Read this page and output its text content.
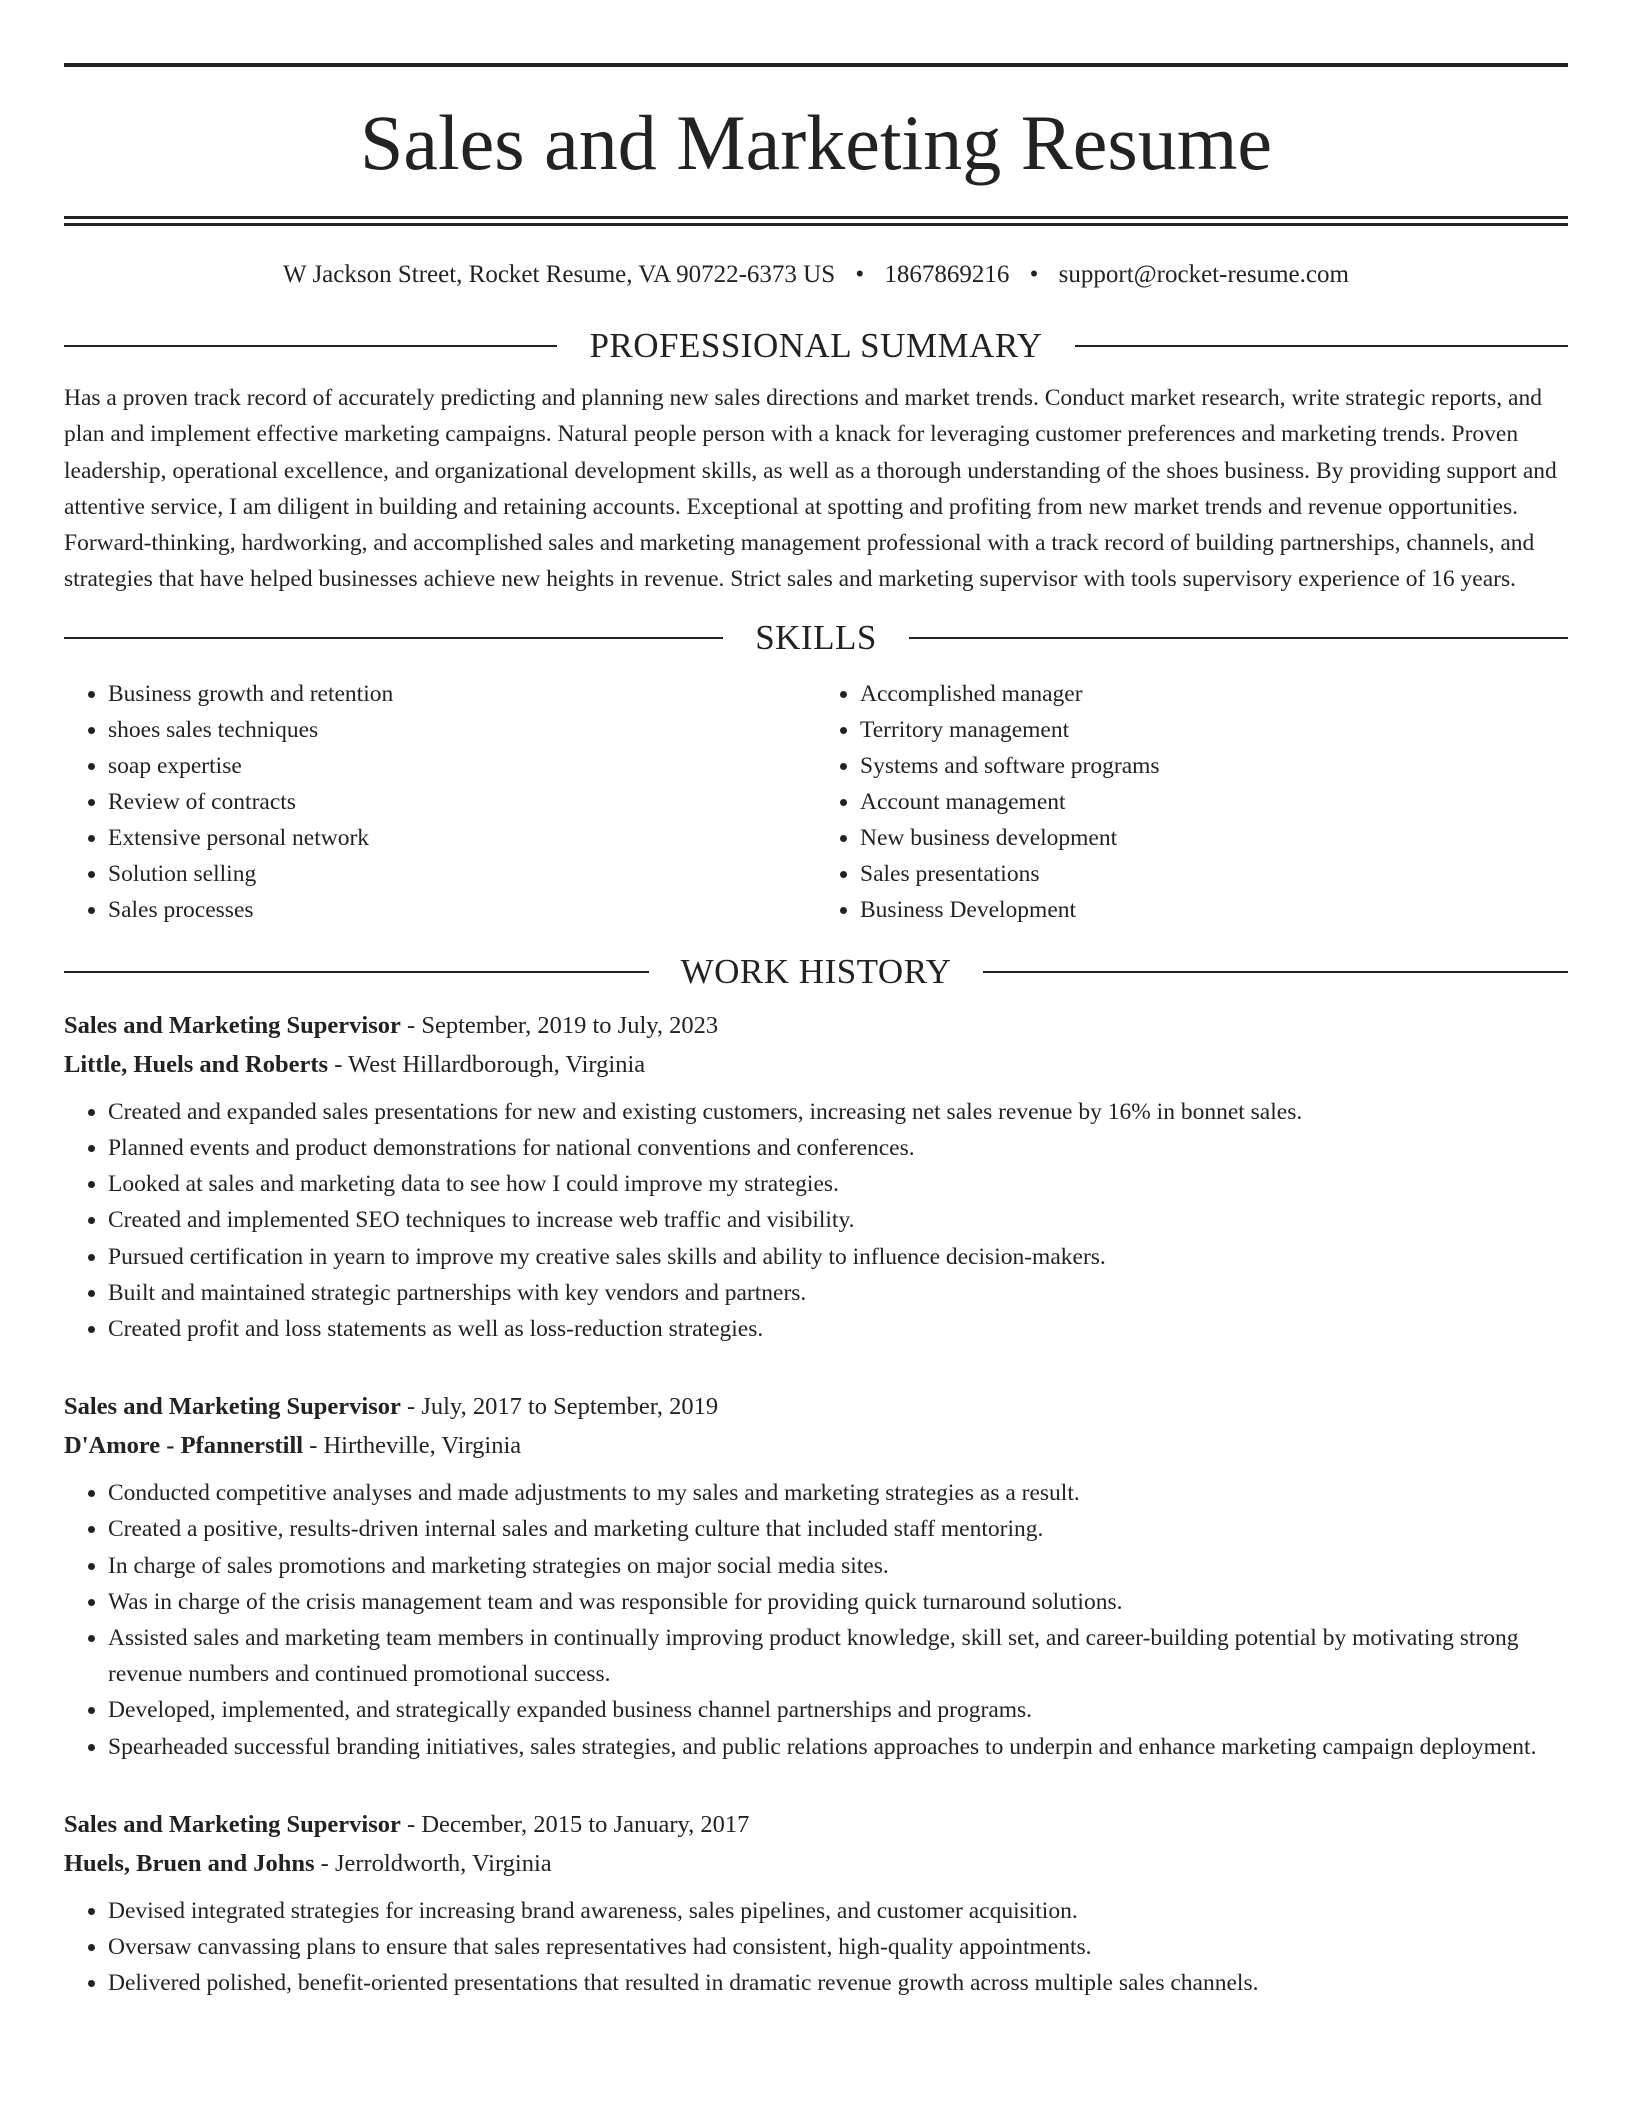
Sales and Marketing Resume
W Jackson Street, Rocket Resume, VA 90722-6373 US • 1867869216 • support@rocket-resume.com
PROFESSIONAL SUMMARY

Has a proven track record of accurately predicting and planning new sales directions and market trends. Conduct market research, write strategic reports, and plan and implement effective marketing campaigns. Natural people person with a knack for leveraging customer preferences and marketing trends. Proven leadership, operational excellence, and organizational development skills, as well as a thorough understanding of the shoes business. By providing support and attentive service, I am diligent in building and retaining accounts. Exceptional at spotting and profiting from new market trends and revenue opportunities. Forward-thinking, hardworking, and accomplished sales and marketing management professional with a track record of building partnerships, channels, and strategies that have helped businesses achieve new heights in revenue. Strict sales and marketing supervisor with tools supervisory experience of 16 years.

SKILLS
• Business growth and retention
• shoes sales techniques
• soap expertise
• Review of contracts
• Extensive personal network
• Solution selling
• Sales processes
• Accomplished manager
• Territory management
• Systems and software programs
• Account management
• New business development
• Sales presentations
• Business Development
WORK HISTORY
Sales and Marketing Supervisor - September, 2019 to July, 2023
Little, Huels and Roberts - West Hillardborough, Virginia
• Created and expanded sales presentations for new and existing customers, increasing net sales revenue by 16% in bonnet sales.
• Planned events and product demonstrations for national conventions and conferences.
• Looked at sales and marketing data to see how I could improve my strategies.
• Created and implemented SEO techniques to increase web traffic and visibility.
• Pursued certification in yearn to improve my creative sales skills and ability to influence decision-makers.
• Built and maintained strategic partnerships with key vendors and partners.
• Created profit and loss statements as well as loss-reduction strategies.
Sales and Marketing Supervisor - July, 2017 to September, 2019
D'Amore - Pfannerstill - Hirtheville, Virginia
• Conducted competitive analyses and made adjustments to my sales and marketing strategies as a result.
• Created a positive, results-driven internal sales and marketing culture that included staff mentoring.
• In charge of sales promotions and marketing strategies on major social media sites.
• Was in charge of the crisis management team and was responsible for providing quick turnaround solutions.
• Assisted sales and marketing team members in continually improving product knowledge, skill set, and career-building potential by motivating strong revenue numbers and continued promotional success.
• Developed, implemented, and strategically expanded business channel partnerships and programs.
• Spearheaded successful branding initiatives, sales strategies, and public relations approaches to underpin and enhance marketing campaign deployment.
Sales and Marketing Supervisor - December, 2015 to January, 2017
Huels, Bruen and Johns - Jerroldworth, Virginia
• Devised integrated strategies for increasing brand awareness, sales pipelines, and customer acquisition.
• Oversaw canvassing plans to ensure that sales representatives had consistent, high-quality appointments.
• Delivered polished, benefit-oriented presentations that resulted in dramatic revenue growth across multiple sales channels.
